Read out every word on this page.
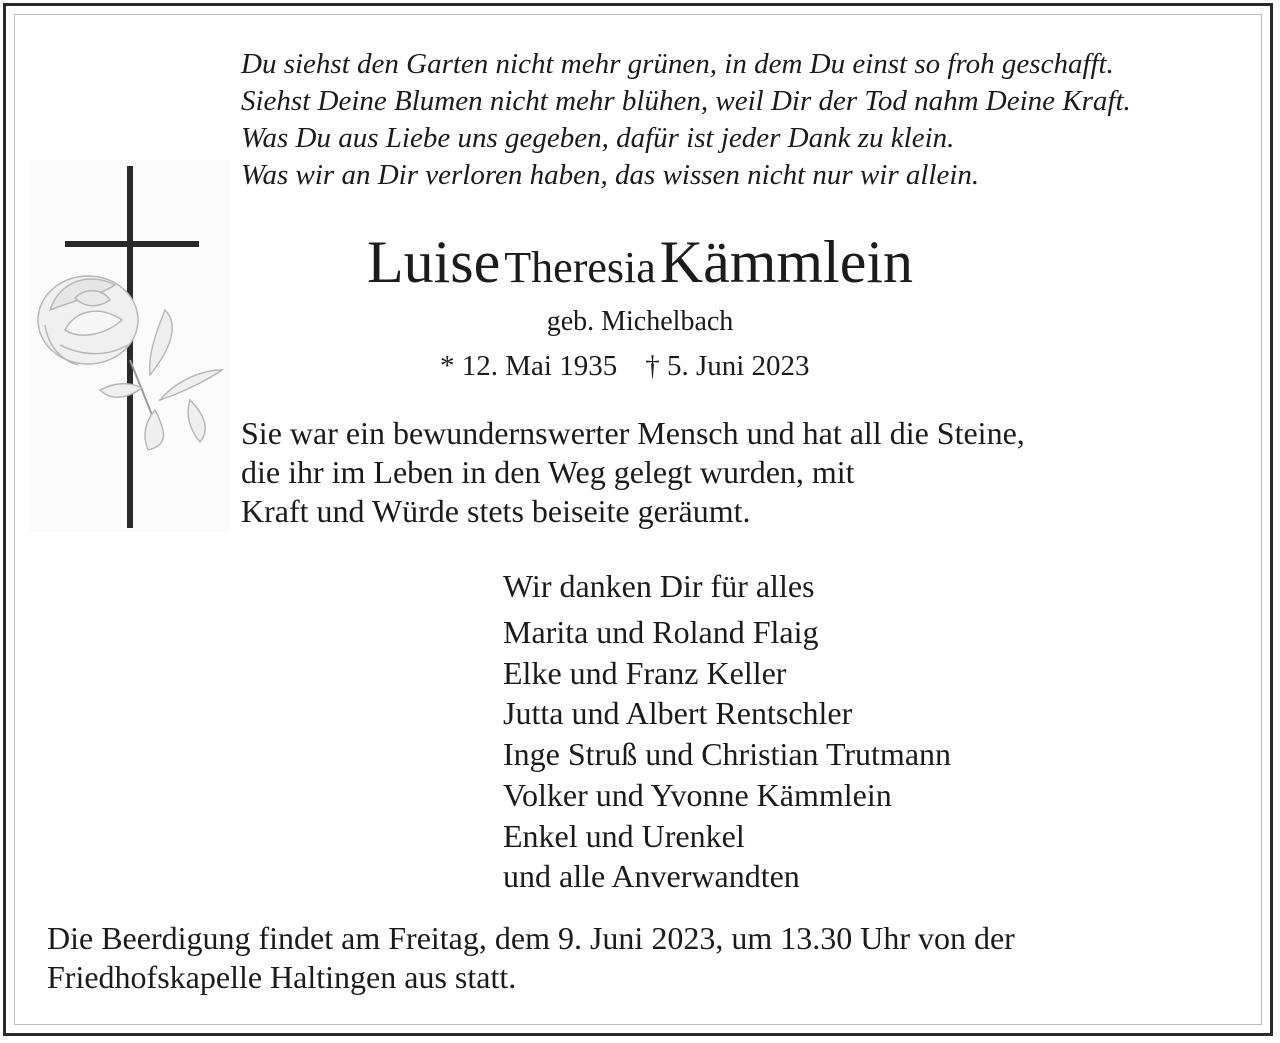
Du siehst den Garten nicht mehr grünen, in dem Du einst so froh geschafft.
Siehst Deine Blumen nicht mehr blühen, weil Dir der Tod nahm Deine Kraft.
Was Du aus Liebe uns gegeben, dafür ist jeder Dank zu klein.
Was wir an Dir verloren haben, das wissen nicht nur wir allein.
Luise Theresia Kämmlein
geb. Michelbach
* 12. Mai 1935 † 5. Juni 2023
Sie war ein bewundernswerter Mensch und hat all die Steine,
die ihr im Leben in den Weg gelegt wurden, mit
Kraft und Würde stets beiseite geräumt.
Wir danken Dir für alles
Marita und Roland Flaig
Elke und Franz Keller
Jutta und Albert Rentschler
Inge Struß und Christian Trutmann
Volker und Yvonne Kämmlein
Enkel und Urenkel
und alle Anverwandten
Die Beerdigung findet am Freitag, dem 9. Juni 2023, um 13.30 Uhr von der
Friedhofskapelle Haltingen aus statt.
